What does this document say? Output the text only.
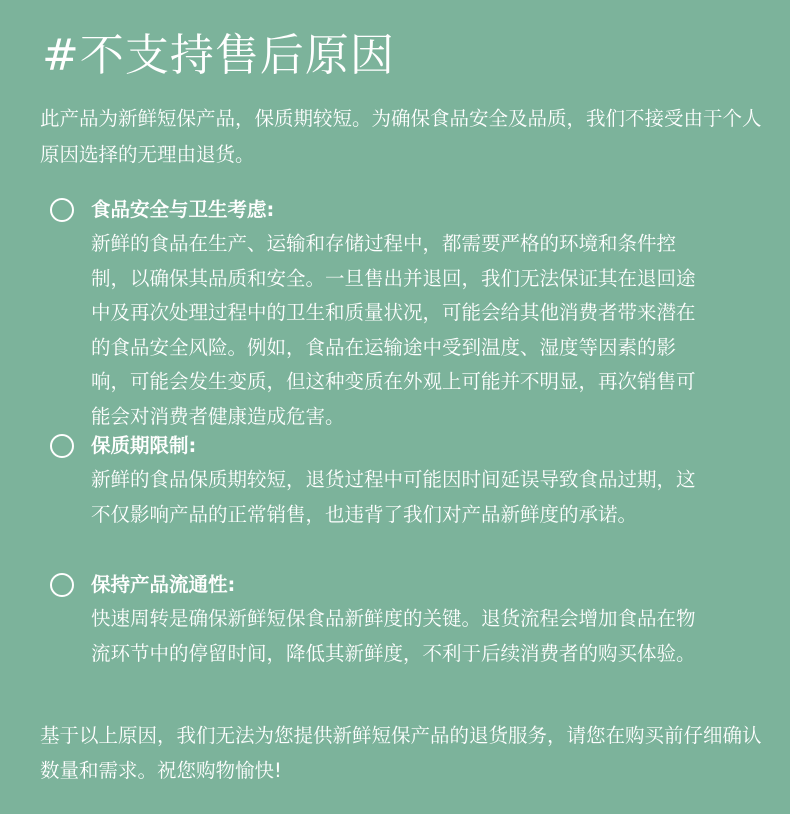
#不支持售后原因

此产品为新鲜短保产品，保质期较短。为确保食品安全及品质，我们不接受由于个人原因选择的无理由退货。

食品安全与卫生考虑:

新鲜的食品在生产、运输和存储过程中，都需要严格的环境和条件控制，以确保其品质和安全。一旦售出并退回，我们无法保证其在退回途中及再次处理过程中的卫生和质量状况，可能会给其他消费者带来潜在的食品安全风险。例如，食品在运输途中受到温度、湿度等因素的影响，可能会发生变质，但这种变质在外观上可能并不明显，再次销售可能会对消费者健康造成危害。

保质期限制:

新鲜的食品保质期较短，退货过程中可能因时间延误导致食品过期，这不仅影响产品的正常销售，也违背了我们对产品新鲜度的承诺。

保持产品流通性:

快速周转是确保新鲜短保食品新鲜度的关键。退货流程会增加食品在物流环节中的停留时间，降低其新鲜度，不利于后续消费者的购买体验。

基于以上原因，我们无法为您提供新鲜短保产品的退货服务，请您在购买前仔细确认数量和需求。祝您购物愉快!
